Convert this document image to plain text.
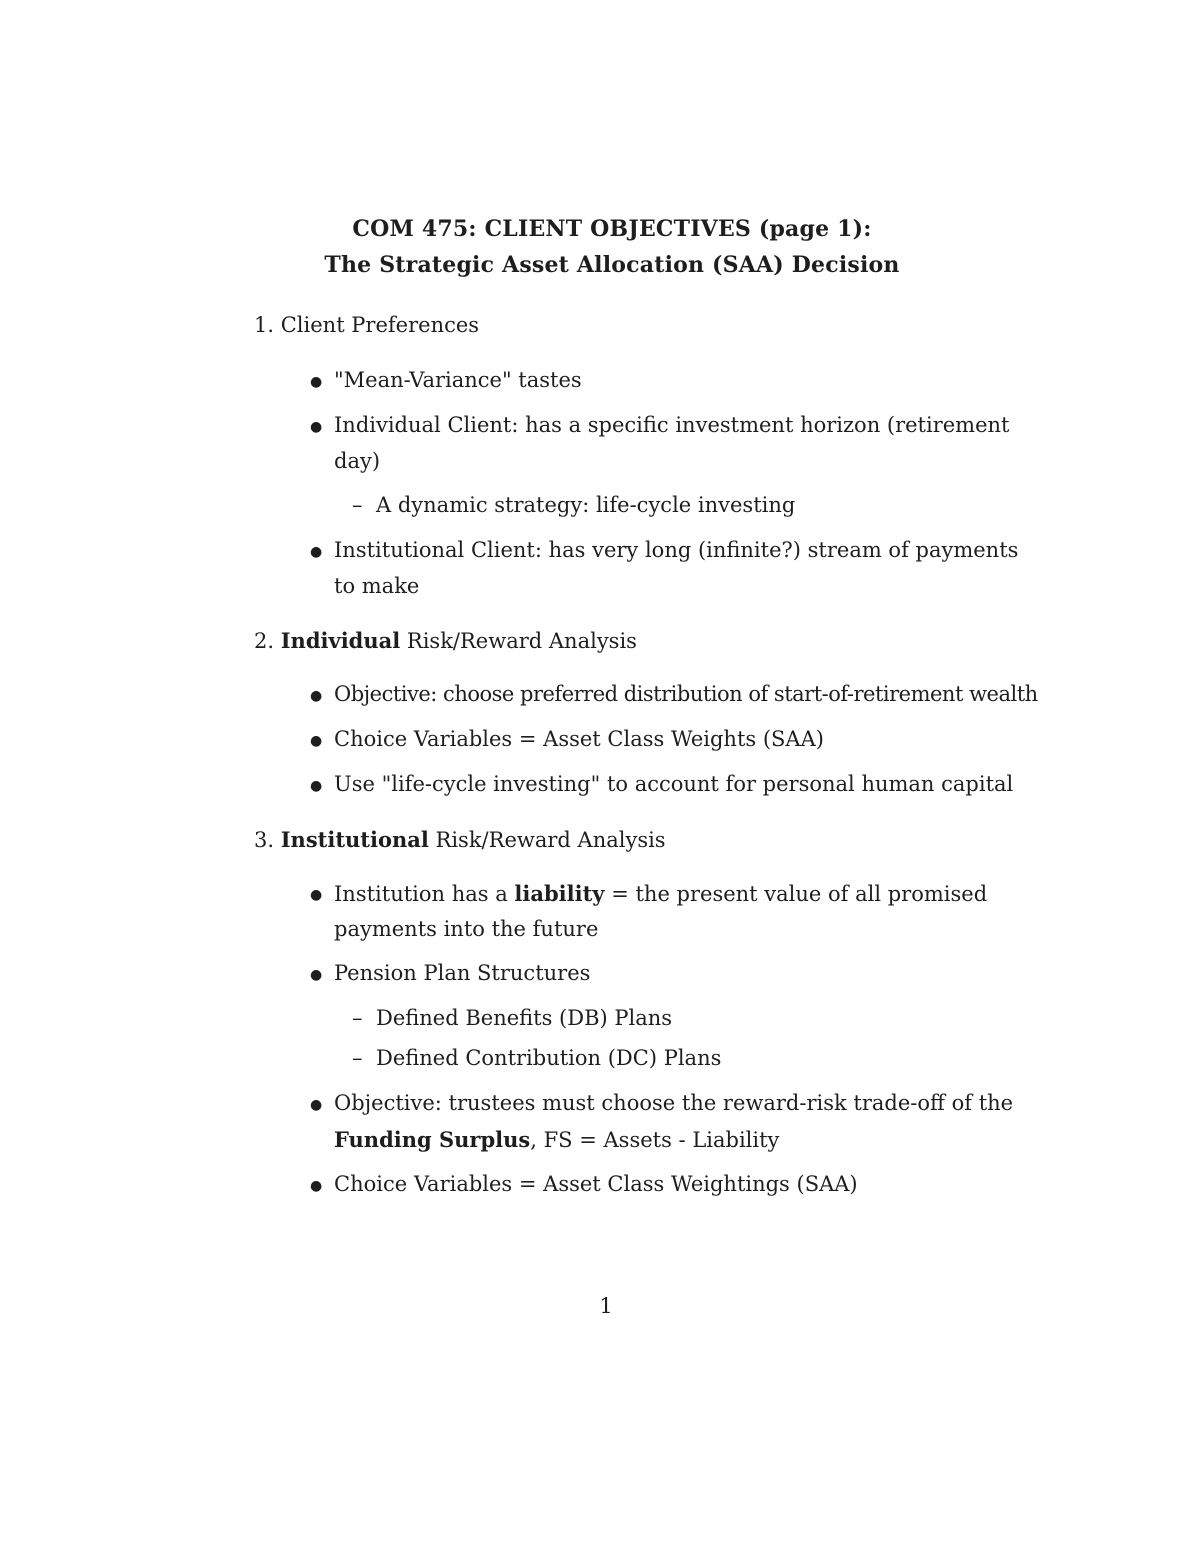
COM 475: CLIENT OBJECTIVES (page 1):
The Strategic Asset Allocation (SAA) Decision
1. Client Preferences
● "Mean-Variance" tastes
● Individual Client: has a specific investment horizon (retirement
day)
– A dynamic strategy: life-cycle investing
● Institutional Client: has very long (infinite?) stream of payments
to make
2. Individual Risk/Reward Analysis
● Objective: choose preferred distribution of start-of-retirement wealth
● Choice Variables = Asset Class Weights (SAA)
● Use "life-cycle investing" to account for personal human capital
3. Institutional Risk/Reward Analysis
● Institution has a liability = the present value of all promised
payments into the future
● Pension Plan Structures
– Defined Benefits (DB) Plans
– Defined Contribution (DC) Plans
● Objective: trustees must choose the reward-risk trade-off of the
Funding Surplus, FS = Assets - Liability
● Choice Variables = Asset Class Weightings (SAA)
1
